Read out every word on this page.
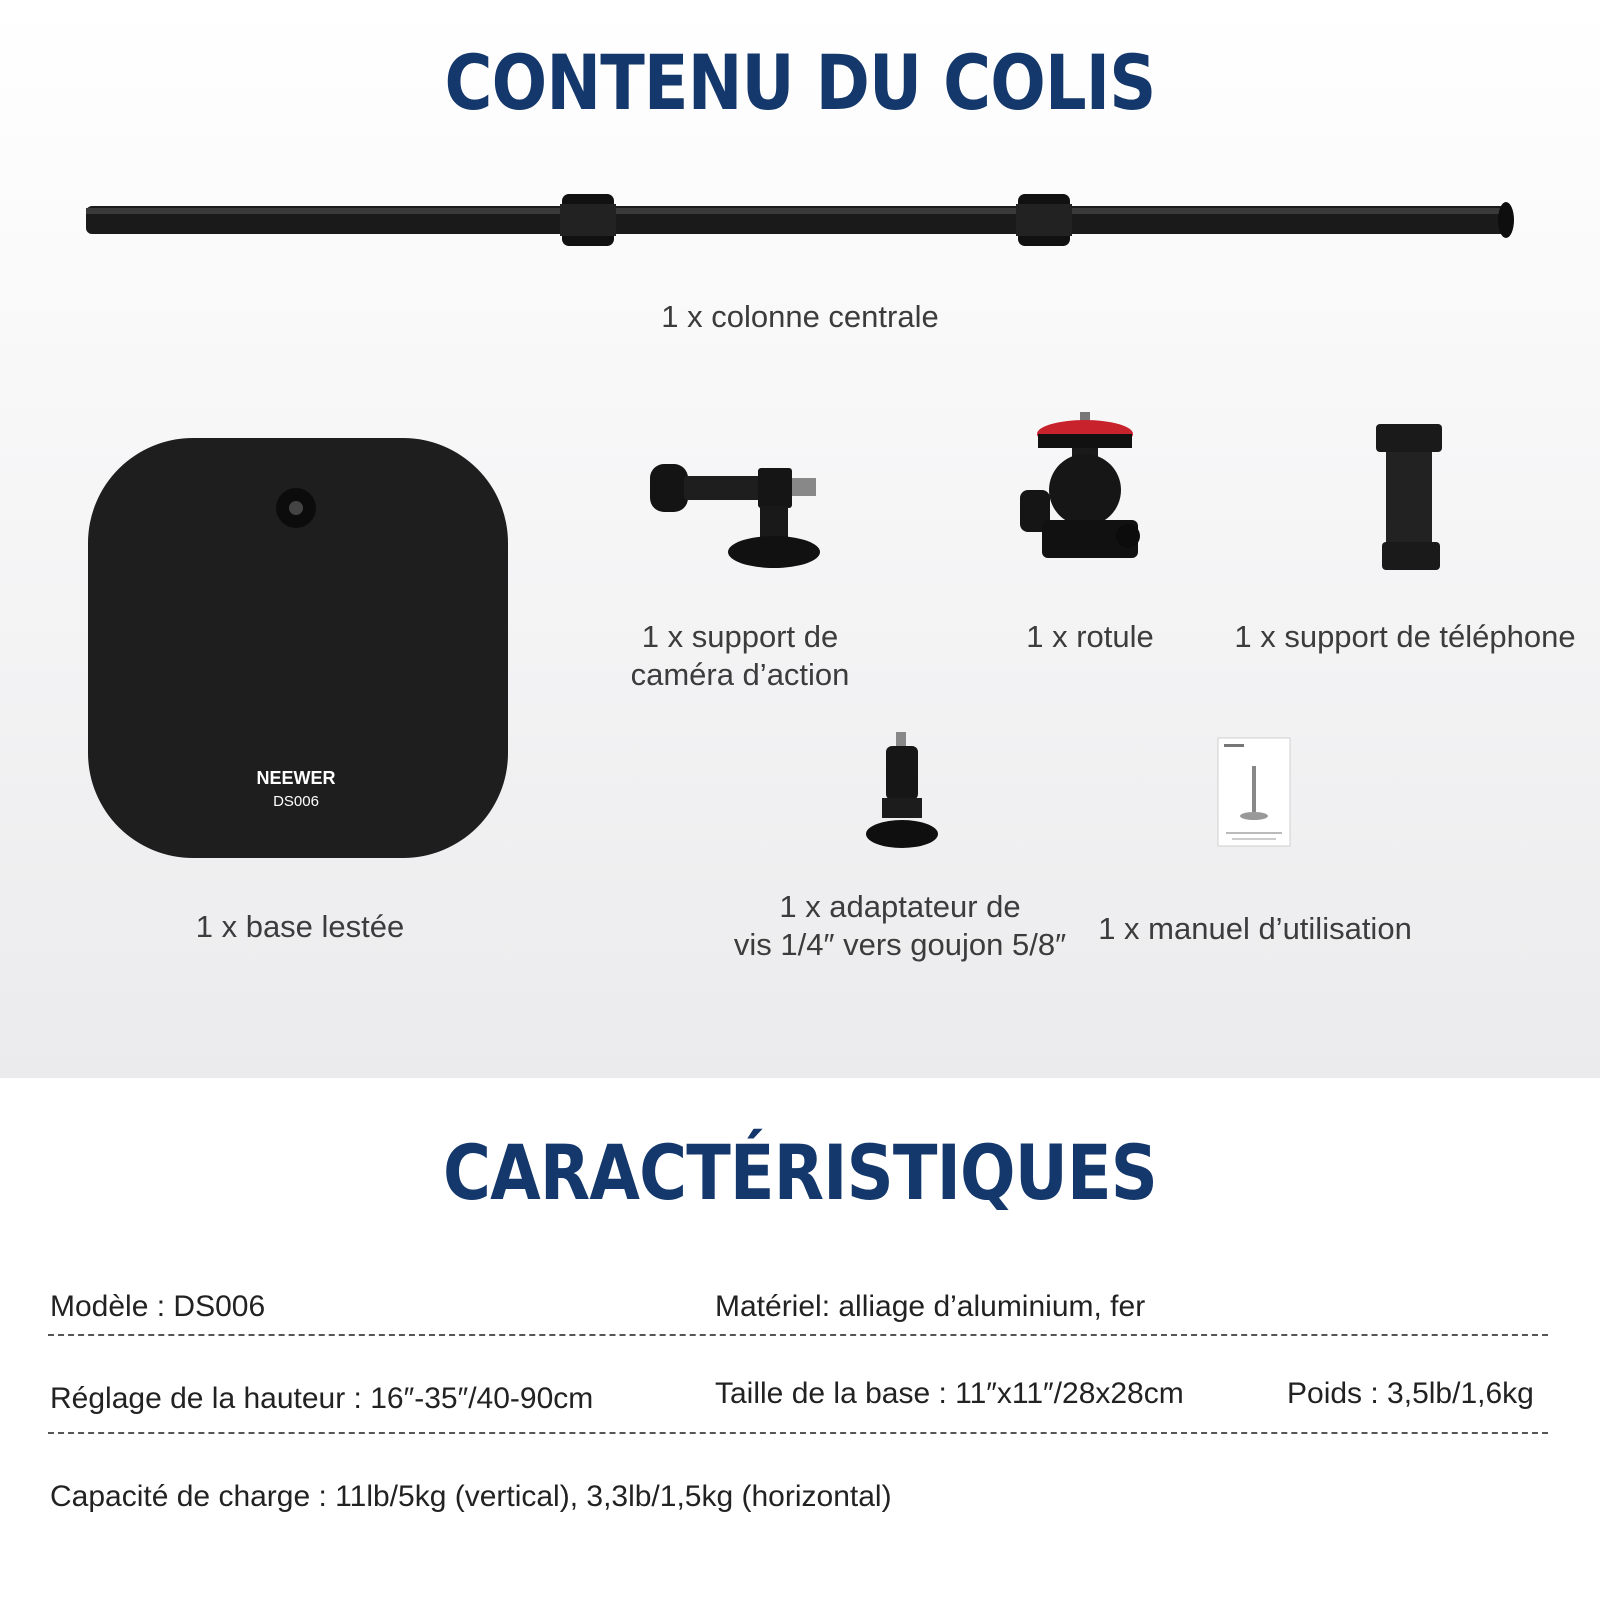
CONTENU DU COLIS
1 x colonne centrale
NEEWER
DS006
1 x base lestée
1 x support de
caméra d’action
1 x rotule	1 x support de téléphone
1 x adaptateur de
vis 1/4″ vers goujon 5/8″	1 x manuel d’utilisation
CARACTÉRISTIQUES
Modèle : DS006	Matériel: alliage d’aluminium, fer
Réglage de la hauteur : 16″-35″/40-90cm	Taille de la base : 11″x11″/28x28cm	Poids : 3,5lb/1,6kg
Capacité de charge : 11lb/5kg (vertical), 3,3lb/1,5kg (horizontal)
